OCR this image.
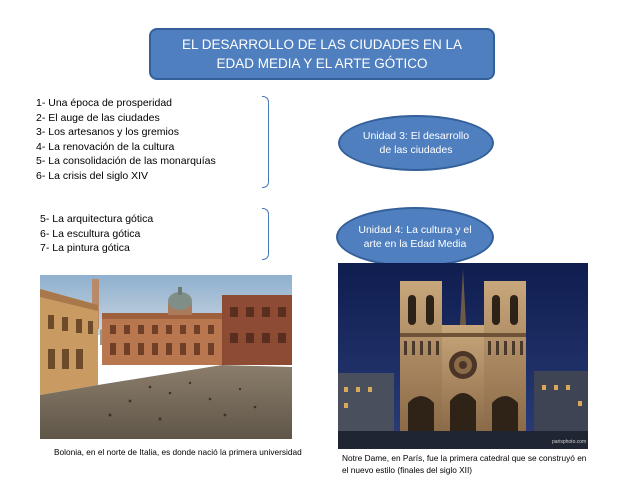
EL DESARROLLO DE LAS CIUDADES EN LA EDAD MEDIA Y EL ARTE GÓTICO
1- Una época de prosperidad
2- El auge de las ciudades
3- Los artesanos y los gremios
4- La renovación de la cultura
5- La consolidación de las monarquías
6- La crisis del siglo XIV
5- La arquitectura gótica
6- La escultura gótica
7- La pintura gótica
Unidad 3: El desarrollo de las ciudades
Unidad 4: La cultura y el arte en la Edad Media
parisphoto.com
Bolonia, en el norte de Italia, es donde nació la primera universidad
Notre Dame, en París, fue la primera catedral que se construyó en el nuevo estilo (finales del siglo XII)
